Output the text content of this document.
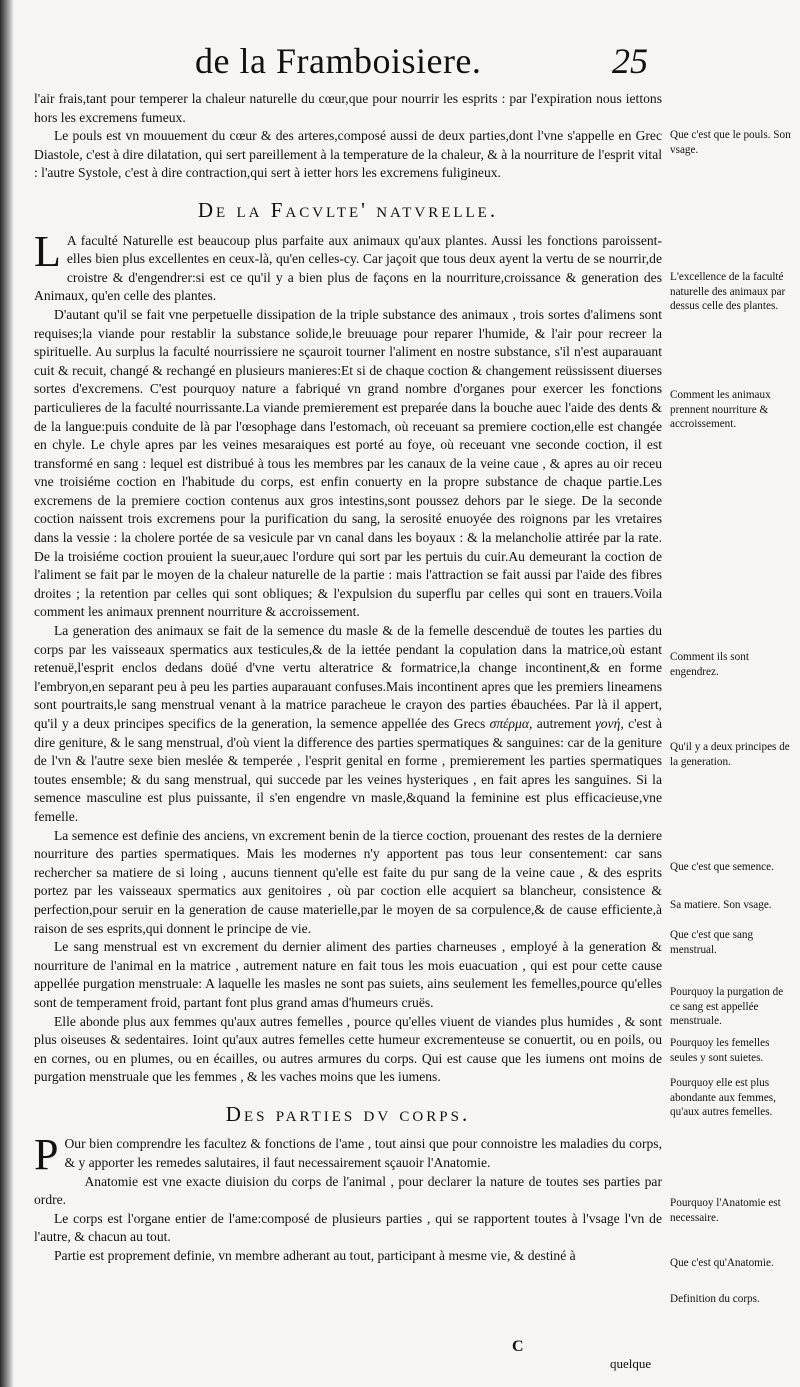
de la Framboisiere.	25

l'air frais,tant pour temperer la chaleur naturelle du cœur,que pour nourrir les esprits : par l'expiration nous iettons hors les excremens fumeux.

Le pouls est vn mouuement du cœur & des arteres,composé aussi de deux parties,dont l'vne s'appelle en Grec Diastole, c'est à dire dilatation, qui sert pareillement à la temperature de la chaleur, & à la nourriture de l'esprit vital : l'autre Systole, c'est à dire contraction,qui sert à ietter hors les excremens fuligineux.

De la Facvlte' natvrelle.

L A faculté Naturelle est beaucoup plus parfaite aux animaux qu'aux plantes. Aussi les fonctions paroissent-elles bien plus excellentes en ceux-là, qu'en celles-cy. Car jaçoit que tous deux ayent la vertu de se nourrir,de croistre & d'engendrer:si est ce qu'il y a bien plus de façons en la nourriture,croissance & generation des Animaux, qu'en celle des plantes.

D'autant qu'il se fait vne perpetuelle dissipation de la triple substance des animaux , trois sortes d'alimens sont requises;la viande pour restablir la substance solide,le breuuage pour reparer l'humide, & l'air pour recreer la spirituelle. Au surplus la faculté nourrissiere ne sçauroit tourner l'aliment en nostre substance, s'il n'est auparauant cuit & recuit, changé & rechangé en plusieurs manieres:Et si de chaque coction & changement reüssissent diuerses sortes d'excremens. C'est pourquoy nature a fabriqué vn grand nombre d'organes pour exercer les fonctions particulieres de la faculté nourrissante.La viande premierement est preparée dans la bouche auec l'aide des dents & de la langue:puis conduite de là par l'œsophage dans l'estomach, où receuant sa premiere coction,elle est changée en chyle. Le chyle apres par les veines mesaraiques est porté au foye, où receuant vne seconde coction, il est transformé en sang : lequel est distribué à tous les membres par les canaux de la veine caue , & apres au oir receu vne troisiéme coction en l'habitude du corps, est enfin conuerty en la propre substance de chaque partie.Les excremens de la premiere coction contenus aux gros intestins,sont poussez dehors par le siege. De la seconde coction naissent trois excremens pour la purification du sang, la serosité enuoyée des roignons par les vretaires dans la vessie : la cholere portée de sa vesicule par vn canal dans les boyaux : & la melancholie attirée par la rate. De la troisiéme coction prouient la sueur,auec l'ordure qui sort par les pertuis du cuir.Au demeurant la coction de l'aliment se fait par le moyen de la chaleur naturelle de la partie : mais l'attraction se fait aussi par l'aide des fibres droites ; la retention par celles qui sont obliques; & l'expulsion du superflu par celles qui sont en trauers.Voila comment les animaux prennent nourriture & accroissement.

La generation des animaux se fait de la semence du masle & de la femelle descenduë de toutes les parties du corps par les vaisseaux spermatics aux testicules,& de la iettée pendant la copulation dans la matrice,où estant retenuë,l'esprit enclos dedans doüé d'vne vertu alteratrice & formatrice,la change incontinent,& en forme l'embryon,en separant peu à peu les parties auparauant confuses.Mais incontinent apres que les premiers lineamens sont pourtraits,le sang menstrual venant à la matrice paracheue le crayon des parties ébauchées. Par là il appert, qu'il y a deux principes specifics de la generation, la semence appellée des Grecs σπέρμα, autrement γονή, c'est à dire geniture, & le sang menstrual, d'où vient la difference des parties spermatiques & sanguines: car de la geniture de l'vn & l'autre sexe bien meslée & temperée , l'esprit genital en forme , premierement les parties spermatiques toutes ensemble; & du sang menstrual, qui succede par les veines hysteriques , en fait apres les sanguines. Si la semence masculine est plus puissante, il s'en engendre vn masle,&quand la feminine est plus efficacieuse,vne femelle.

La semence est definie des anciens, vn excrement benin de la tierce coction, prouenant des restes de la derniere nourriture des parties spermatiques. Mais les modernes n'y apportent pas tous leur consentement: car sans rechercher sa matiere de si loing , aucuns tiennent qu'elle est faite du pur sang de la veine caue , & des esprits portez par les vaisseaux spermatics aux genitoires , où par coction elle acquiert sa blancheur, consistence & perfection,pour seruir en la generation de cause materielle,par le moyen de sa corpulence,& de cause efficiente,à raison de ses esprits,qui donnent le principe de vie.

Le sang menstrual est vn excrement du dernier aliment des parties charneuses , employé à la generation & nourriture de l'animal en la matrice , autrement nature en fait tous les mois euacuation , qui est pour cette cause appellée purgation menstruale: A laquelle les masles ne sont pas suiets, ains seulement les femelles,pource qu'elles sont de temperament froid, partant font plus grand amas d'humeurs cruës.

Elle abonde plus aux femmes qu'aux autres femelles , pource qu'elles viuent de viandes plus humides , & sont plus oiseuses & sedentaires. Ioint qu'aux autres femelles cette humeur excrementeuse se conuertit, ou en poils, ou en cornes, ou en plumes, ou en écailles, ou autres armures du corps. Qui est cause que les iumens ont moins de purgation menstruale que les femmes , & les vaches moins que les iumens.

Des parties dv corps.

P Our bien comprendre les facultez & fonctions de l'ame , tout ainsi que pour connoistre les maladies du corps, & y apporter les remedes salutaires, il faut necessairement sçauoir l'Anatomie.

Anatomie est vne exacte diuision du corps de l'animal , pour declarer la nature de toutes ses parties par ordre.

Le corps est l'organe entier de l'ame:composé de plusieurs parties , qui se rapportent toutes à l'vsage l'vn de l'autre, & chacun au tout.

Partie est proprement definie, vn membre adherant au tout, participant à mesme vie, & destiné à

Que c'est que le pouls. Son vsage.
L'excellence de la faculté naturelle des animaux par dessus celle des plantes.
Comment les animaux prennent nourriture & accroissement.
Comment ils sont engendrez.
Qu'il y a deux principes de la generation.
Que c'est que semence.
Sa matiere. Son vsage.
Que c'est que sang menstrual.
Pourquoy la purgation de ce sang est appellée menstruale.
Pourquoy les femelles seules y sont suietes.
Pourquoy elle est plus abondante aux femmes, qu'aux autres femelles.
Pourquoy l'Anatomie est necessaire.
Que c'est qu'Anatomie.
Definition du corps.
C
quelque
